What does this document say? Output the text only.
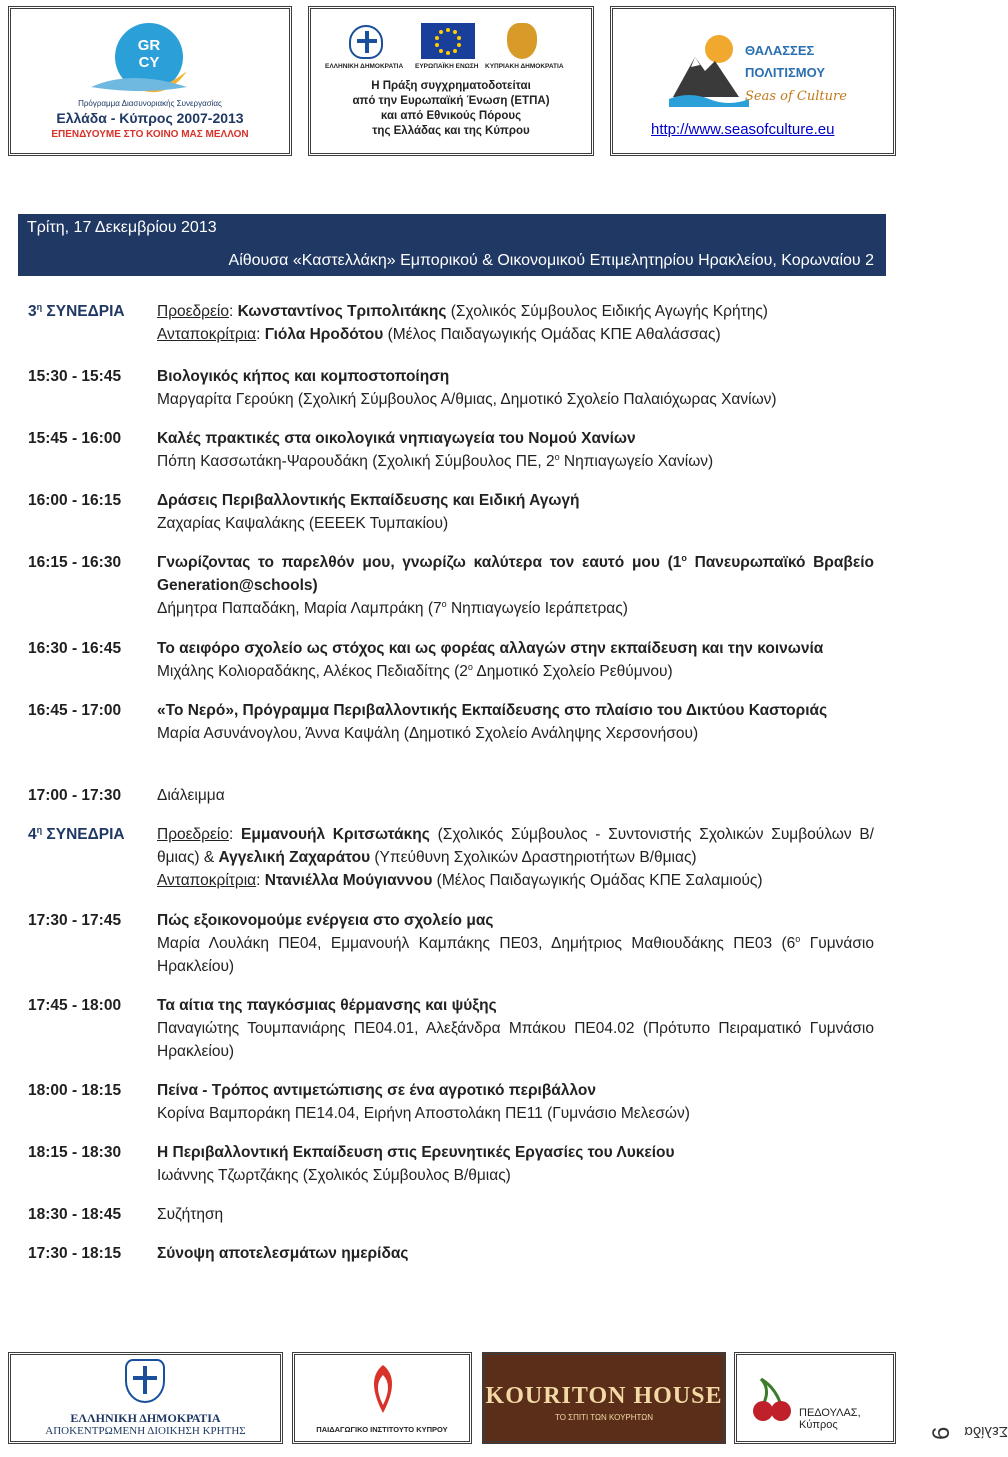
GR CY
Πρόγραμμα Διασυνοριακής Συνεργασίας
Ελλάδα - Κύπρος 2007-2013
ΕΠΕΝΔΥΟΥΜΕ ΣΤΟ ΚΟΙΝΟ ΜΑΣ ΜΕΛΛΟΝ
ΕΛΛΗΝΙΚΗ ΔΗΜΟΚΡΑΤΙΑ ΕΥΡΩΠΑΪΚΗ ΕΝΩΣΗ ΚΥΠΡΙΑΚΗ ΔΗΜΟΚΡΑΤΙΑ
Η Πράξη συγχρηματοδοτείται
από την Ευρωπαϊκή Ένωση (ΕΤΠΑ)
και από Εθνικούς Πόρους
της Ελλάδας και της Κύπρου
ΘΑΛΑΣΣΕΣ
ΠΟΛΙΤΙΣΜΟΥ
Seas of Culture
http://www.seasofculture.eu
Τρίτη, 17 Δεκεμβρίου 2013
Αίθουσα «Καστελλάκη» Εμπορικού & Οικονομικού Επιμελητηρίου Ηρακλείου, Κορωναίου 2
$3^\eta$ ΣΥΝΕΔΡΙΑ	Προεδρείο: Κωνσταντίνος Τριπολιτάκης (Σχολικός Σύμβουλος Ειδικής Αγωγής Κρήτης)
Ανταποκρίτρια: Γιόλα Ηροδότου (Μέλος Παιδαγωγικής Ομάδας ΚΠΕ Αθαλάσσας)
15:30 - 15:45	Βιολογικός κήπος και κομποστοποίηση
Μαργαρίτα Γερούκη (Σχολική Σύμβουλος Α/θμιας, Δημοτικό Σχολείο Παλαιόχωρας Χανίων)
15:45 - 16:00	Καλές πρακτικές στα οικολογικά νηπιαγωγεία του Νομού Χανίων
Πόπη Κασσωτάκη-Ψαρουδάκη (Σχολική Σύμβουλος ΠΕ, $2^o$ Νηπιαγωγείο Χανίων)
16:00 - 16:15	Δράσεις Περιβαλλοντικής Εκπαίδευσης και Ειδική Αγωγή
Ζαχαρίας Καψαλάκης (ΕΕΕΕΚ Τυμπακίου)
16:15 - 16:30	Γνωρίζοντας το παρελθόν μου, γνωρίζω καλύτερα τον εαυτό μου ($1^o$ Πανευρωπαϊκό Βραβείο Generation@schools)
Δήμητρα Παπαδάκη, Μαρία Λαμπράκη ($7^o$ Νηπιαγωγείο Ιεράπετρας)
16:30 - 16:45	Το αειφόρο σχολείο ως στόχος και ως φορέας αλλαγών στην εκπαίδευση και την κοινωνία
Μιχάλης Κολιοραδάκης, Αλέκος Πεδιαδίτης ($2^o$ Δημοτικό Σχολείο Ρεθύμνου)
16:45 - 17:00	«Το Νερό», Πρόγραμμα Περιβαλλοντικής Εκπαίδευσης στο πλαίσιο του Δικτύου Καστοριάς
Μαρία Ασυνάνογλου, Άννα Καψάλη (Δημοτικό Σχολείο Ανάληψης Χερσονήσου)
17:00 - 17:30	Διάλειμμα
$4^\eta$ ΣΥΝΕΔΡΙΑ	Προεδρείο: Εμμανουήλ Κριτσωτάκης (Σχολικός Σύμβουλος - Συντονιστής Σχολικών Συμβούλων Β/θμιας) & Αγγελική Ζαχαράτου (Υπεύθυνη Σχολικών Δραστηριοτήτων Β/θμιας)
Ανταποκρίτρια: Ντανιέλλα Μούγιαννου (Μέλος Παιδαγωγικής Ομάδας ΚΠΕ Σαλαμιούς)
17:30 - 17:45	Πώς εξοικονομούμε ενέργεια στο σχολείο μας
Μαρία Λουλάκη ΠΕ04, Εμμανουήλ Καμπάκης ΠΕ03, Δημήτριος Μαθιουδάκης ΠΕ03 ($6^o$ Γυμνάσιο Ηρακλείου)
17:45 - 18:00	Τα αίτια της παγκόσμιας θέρμανσης και ψύξης
Παναγιώτης Τουμπανιάρης ΠΕ04.01, Αλεξάνδρα Μπάκου ΠΕ04.02 (Πρότυπο Πειραματικό Γυμνάσιο Ηρακλείου)
18:00 - 18:15	Πείνα - Τρόπος αντιμετώπισης σε ένα αγροτικό περιβάλλον
Κορίνα Βαμποράκη ΠΕ14.04, Ειρήνη Αποστολάκη ΠΕ11 (Γυμνάσιο Μελεσών)
18:15 - 18:30	Η Περιβαλλοντική Εκπαίδευση στις Ερευνητικές Εργασίες του Λυκείου
Ιωάννης Τζωρτζάκης (Σχολικός Σύμβουλος Β/θμιας)
18:30 - 18:45	Συζήτηση
17:30 - 18:15	Σύνοψη αποτελεσμάτων ημερίδας
ΕΛΛΗΝΙΚΗ ΔΗΜΟΚΡΑΤΙΑ
ΑΠΟΚΕΝΤΡΩΜΕΝΗ ΔΙΟΙΚΗΣΗ ΚΡΗΤΗΣ	ΠΑΙΔΑΓΩΓΙΚΟ ΙΝΣΤΙΤΟΥΤΟ ΚΥΠΡΟΥ
KOURITON HOUSE
ΤΟ ΣΠΙΤΙ ΤΩΝ ΚΟΥΡΗΤΩΝ	ΠΕΔΟΥΛΑΣ, Κύπρος	Σελίδα
6
